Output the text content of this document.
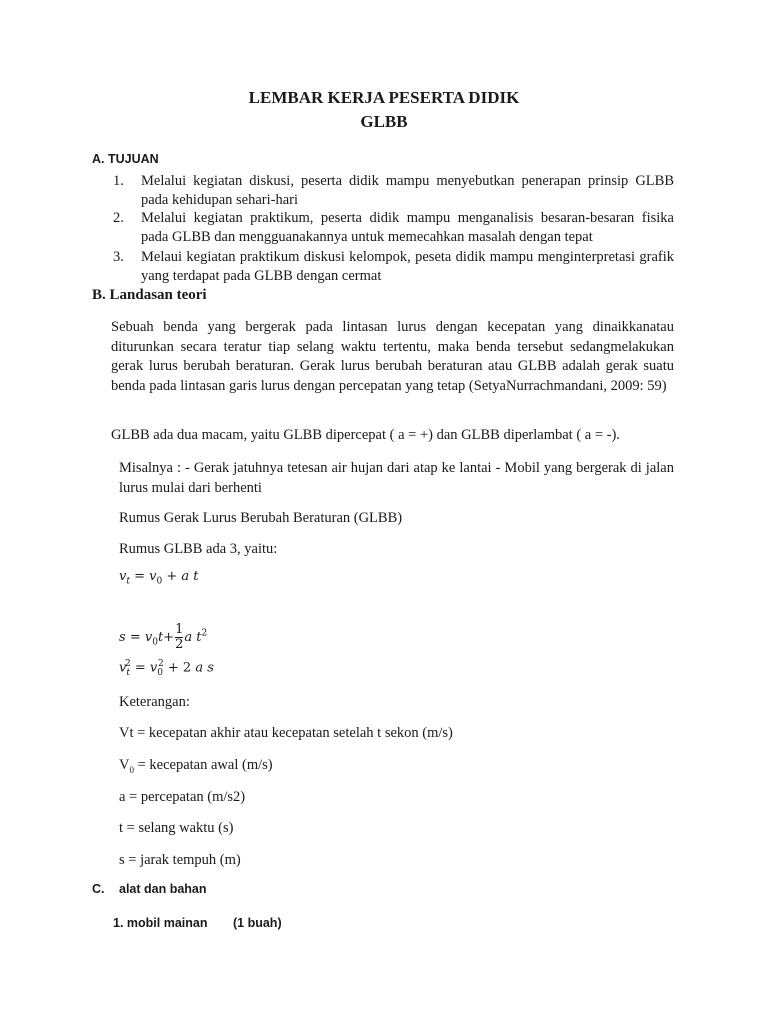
LEMBAR KERJA PESERTA DIDIK
GLBB
A. TUJUAN
1. Melalui kegiatan diskusi, peserta didik mampu menyebutkan penerapan prinsip GLBB pada kehidupan sehari-hari
2. Melalui kegiatan praktikum, peserta didik mampu menganalisis besaran-besaran fisika pada GLBB dan mengguanakannya untuk memecahkan masalah dengan tepat
3. Melaui kegiatan praktikum diskusi kelompok, peseta didik mampu menginterpretasi grafik yang terdapat pada GLBB dengan cermat
B. Landasan teori
Sebuah benda yang bergerak pada lintasan lurus dengan kecepatan yang dinaikkanatau diturunkan secara teratur tiap selang waktu tertentu, maka benda tersebut sedangmelakukan gerak lurus berubah beraturan. Gerak lurus berubah beraturan atau GLBB adalah gerak suatu benda pada lintasan garis lurus dengan percepatan yang tetap (SetyaNurrachmandani, 2009: 59)
GLBB ada dua macam, yaitu GLBB dipercepat ( a = +) dan GLBB diperlambat ( a = -).
Misalnya : - Gerak jatuhnya tetesan air hujan dari atap ke lantai - Mobil yang bergerak di jalan lurus mulai dari berhenti
Rumus Gerak Lurus Berubah Beraturan (GLBB)
Rumus GLBB ada 3, yaitu:
$v_t = v_0 + a$ t
$s = v_0t+ \frac{1}{2}$ a $t^2$
$v_t^2 = v_0^2 + 2$ a s
Keterangan:
Vt = kecepatan akhir atau kecepatan setelah t sekon (m/s)
$V_0$ = kecepatan awal (m/s)
a = percepatan (m/s2)
t = selang waktu (s)
s = jarak tempuh (m)
C. alat dan bahan
1. mobil mainan (1 buah)
